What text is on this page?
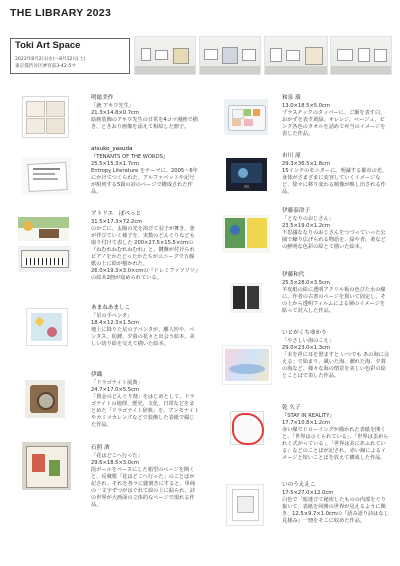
THE LIBRARY 2023
Toki Art Space
2023年8月2日(水)～8月12日(土)
東京都渋谷区神宮前3-42-5サ
明総美作
「銃 アキワ先生」
21.3×14.8×0.7cm
絵画装飾のアキワ先生の日常を4コマ漫画で描き、ときおり画像を添えて相絵した冊子。
atsuko_yasuda
『TENANTS OF THE WORDS』
25.5×15.3×1.7cm
Entropy Literature をテーマに、2005～6年にかけてつくられた。アルファベットや記号が組列する5篇の詩のページで構成された作品。
アトリエ　ぽぺっと
31.5×17.3×72.2cm
のかごに、太陽の光を浴びて羽子が舞き、釜が伴びていく様子を、実数のどんぐりなども取り付けて表した 200×27.5×15.5×cmの『ねむれねむれねむれ』と、鍵盤が付けられピアノをかたどったかたちがユニークで五線紙の上に絵が描かれた、26.0×19.3×3.0×cmの『ドレミファソソソ』の絵本2冊が収められている。
あまねあましこ
「星の手ペンタ」
18.4×12.3×1.5cm
地上に降りた星の子ペンタが、離人形や、ペンタス、紡錘、夕暮の花々と出会う絵本。美しい切り絵を交えて描いた絵本。
伊織
「ドラゴナイト展典」
24.7×17.0×5.5cm
「資金のどんぐり剤」をはじめとして、ドラゴナイトの地理、歴史、文化、日常などをまとめた「ドラゴナイト辞典」を、アンモナイトやカミツカレンズなどで装飾した表紙で綴じた作品。
石照 酒
「花はどこへ行った」
29.6×18.5×3.0cm
段ボールをベースにした箱型のページを開くと、反戦歌「花はどこへ行った」のことばが記され、それを各ラに縫割きにすると、単純の一文字ずつがはぐれて絵の上に貼られ、詩の世界が大画面の立体的なページで現れる作品。
和泉 環
13.0×18.5×5.0cm
プラスチックのタッパーに、ご飯を表す白、おかずを表す黄緑、オレンジ、ベージュ、ピンク各色のタオルを詰めて弁当のイメージを表した作品。
市川 濠
29.3×36.5×1.8cm
15インチのモニターに、明滅する都市の光、身体がさまざまに変容していくイメージなど、徐々に移り変わる映像が映し出される作品。
伊藤泰津子
「となりのおじさん」
23.5×19.0×1.2cm
不思議ななりのおじさんをつづっていった公園で繰り広げられる物語を、緑や青、黄などの鮮明な色彩の絵とて描いた絵本。
伊藤和代
25.5×28.0×3.5cm
羊皮紙の絵に透明アクリル板の色びた水の線に、作者の古書のページを貫いて固定し、その上から透明フィルムによる層のイメージを貼って封入した作品。
いとがくちゆかり
「やさしい海のこえ」
29.0×23.0×1.3cm
「未を祥に耳を澄ますと いつでも あの海に会える」で始まり、風いた海、潮れた海、夕暮の海など、様々な海の情景を美しい色彩の絵とことばで表した作品。
乾 久子
『STAY IN REALITY』
17.7×10.8×1.2cm
赤い線でドローイングが描かれた表紙を開くと、「世界は示くられている」、「世界は歪められく式がっている」、「世界は美にあふれている」などのことばが記され、赤い線によるイメージと短いことばを放えて構成した作品。
いのうええこ
17.5×27.0×12.0cm
白色で「暗迷びて秘密したものの内部をぐり抜いて、表紙を回開の世界が見えるように開き、12.5×9.7×1.0cmの『語み語り詩はなし見様み』一冊をそこに収めた作品。
